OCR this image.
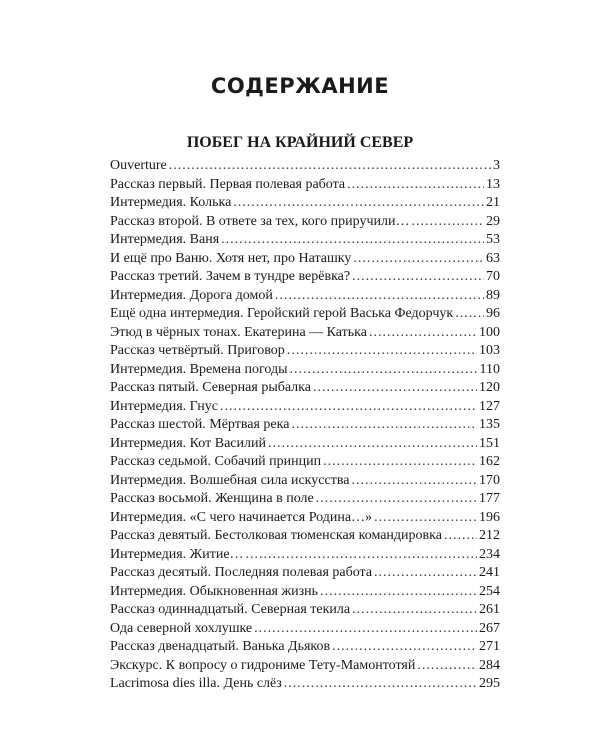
СОДЕРЖАНИЕ
ПОБЕГ НА КРАЙНИЙ СЕВЕР
Ouverture .....	3
Рассказ первый. Первая полевая работа .....	13
Интермедия. Колька .....	21
Рассказ второй. В ответе за тех, кого приручили… .....	29
Интермедия. Ваня .....	53
И ещё про Ваню. Хотя нет, про Наташку .....	63
Рассказ третий. Зачем в тундре верёвка? .....	70
Интермедия. Дорога домой .....	89
Ещё одна интермедия. Геройский герой Васька Федорчук ..... 96
Этюд в чёрных тонах. Екатерина — Катька .....	100
Рассказ четвёртый. Приговор .....	103
Интермедия. Времена погоды .....	110
Рассказ пятый. Северная рыбалка .....	120
Интермедия. Гнус .....	127
Рассказ шестой. Мёртвая река .....	135
Интермедия. Кот Василий .....	151
Рассказ седьмой. Собачий принцип .....	162
Интермедия. Волшебная сила искусства .....	170
Рассказ восьмой. Женщина в поле .....	177
Интермедия. «С чего начинается Родина…» .....	196
Рассказ девятый. Бестолковая тюменская командировка .....	212
Интермедия. Житие… .....	234
Рассказ десятый. Последняя полевая работа .....	241
Интермедия. Обыкновенная жизнь .....	254
Рассказ одиннадцатый. Северная текила .....	261
Ода северной хохлушке .....	267
Рассказ двенадцатый. Ванька Дьяков .....	271
Экскурс. К вопросу о гидрониме Тету-Мамонтотяй .....	284
Lacrimosa dies illa. День слёз .....	295
